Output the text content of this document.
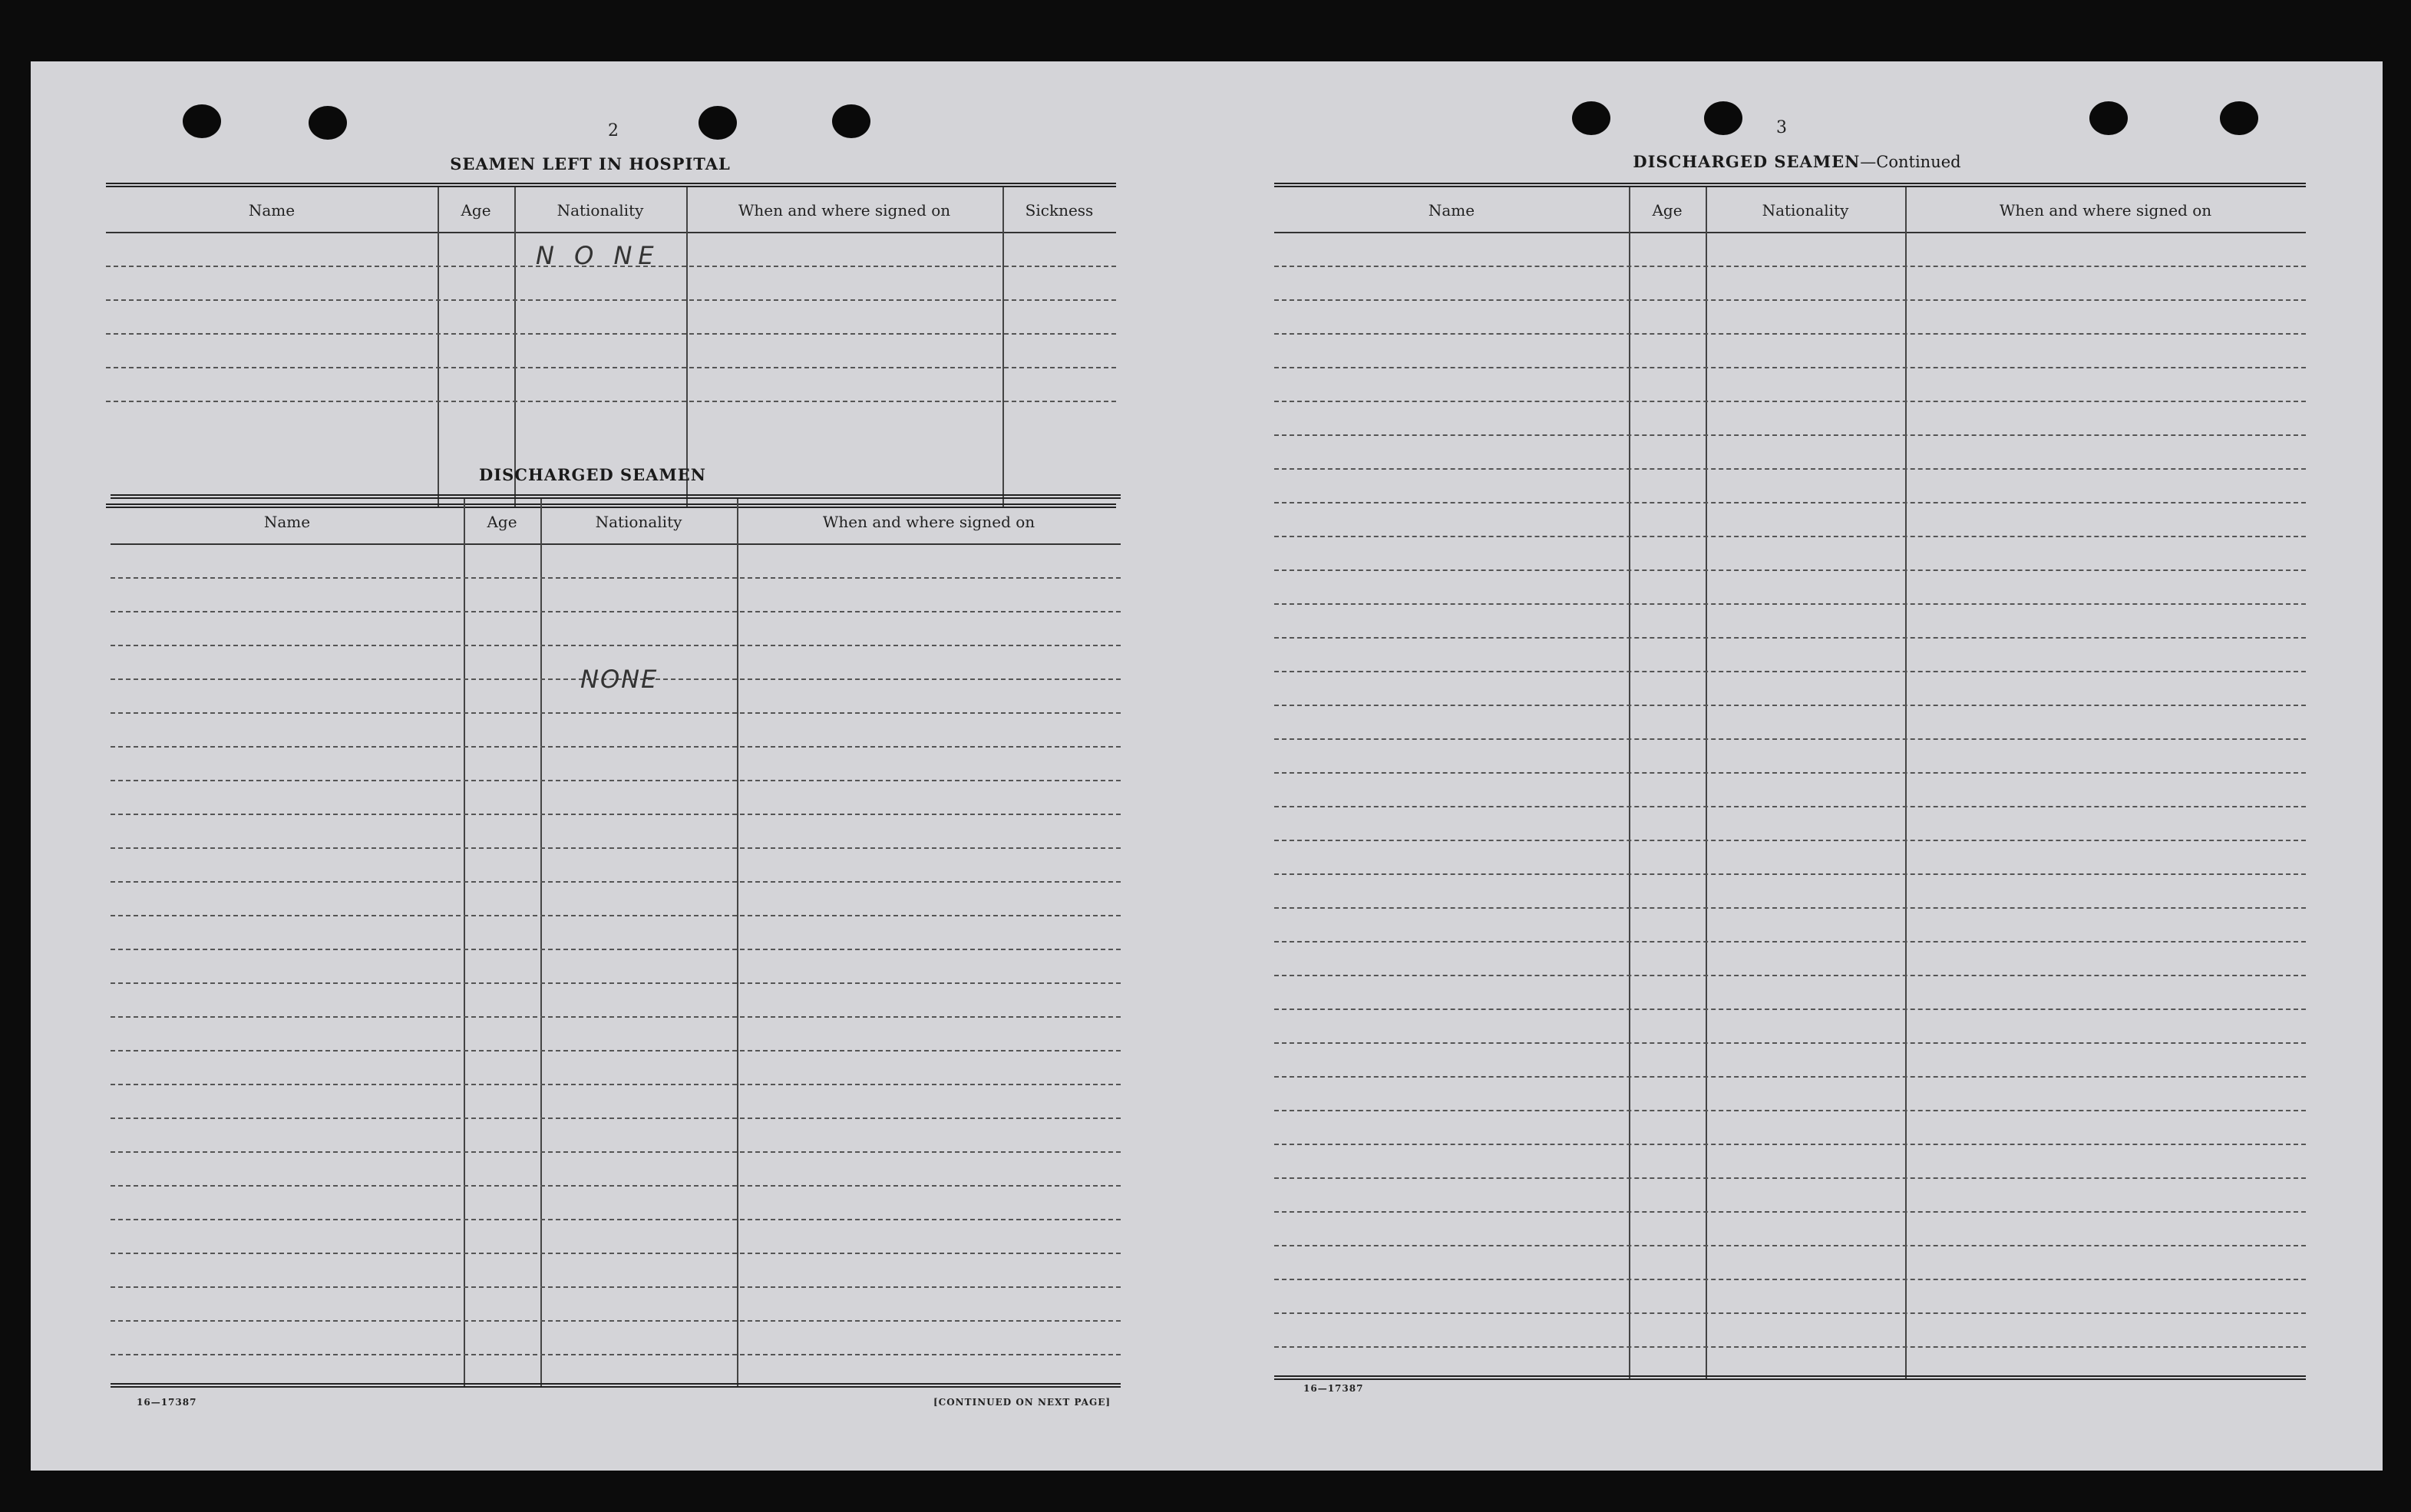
2
SEAMEN LEFT IN HOSPITAL
Name	Age	Nationality	When and where signed on	Sickness
N O NE
DISCHARGED SEAMEN
Name	Age	Nationality	When and where signed on
NONE
16—17387	[CONTINUED ON NEXT PAGE]
3
DISCHARGED SEAMEN—Continued
Name	Age	Nationality	When and where signed on
16—17387
